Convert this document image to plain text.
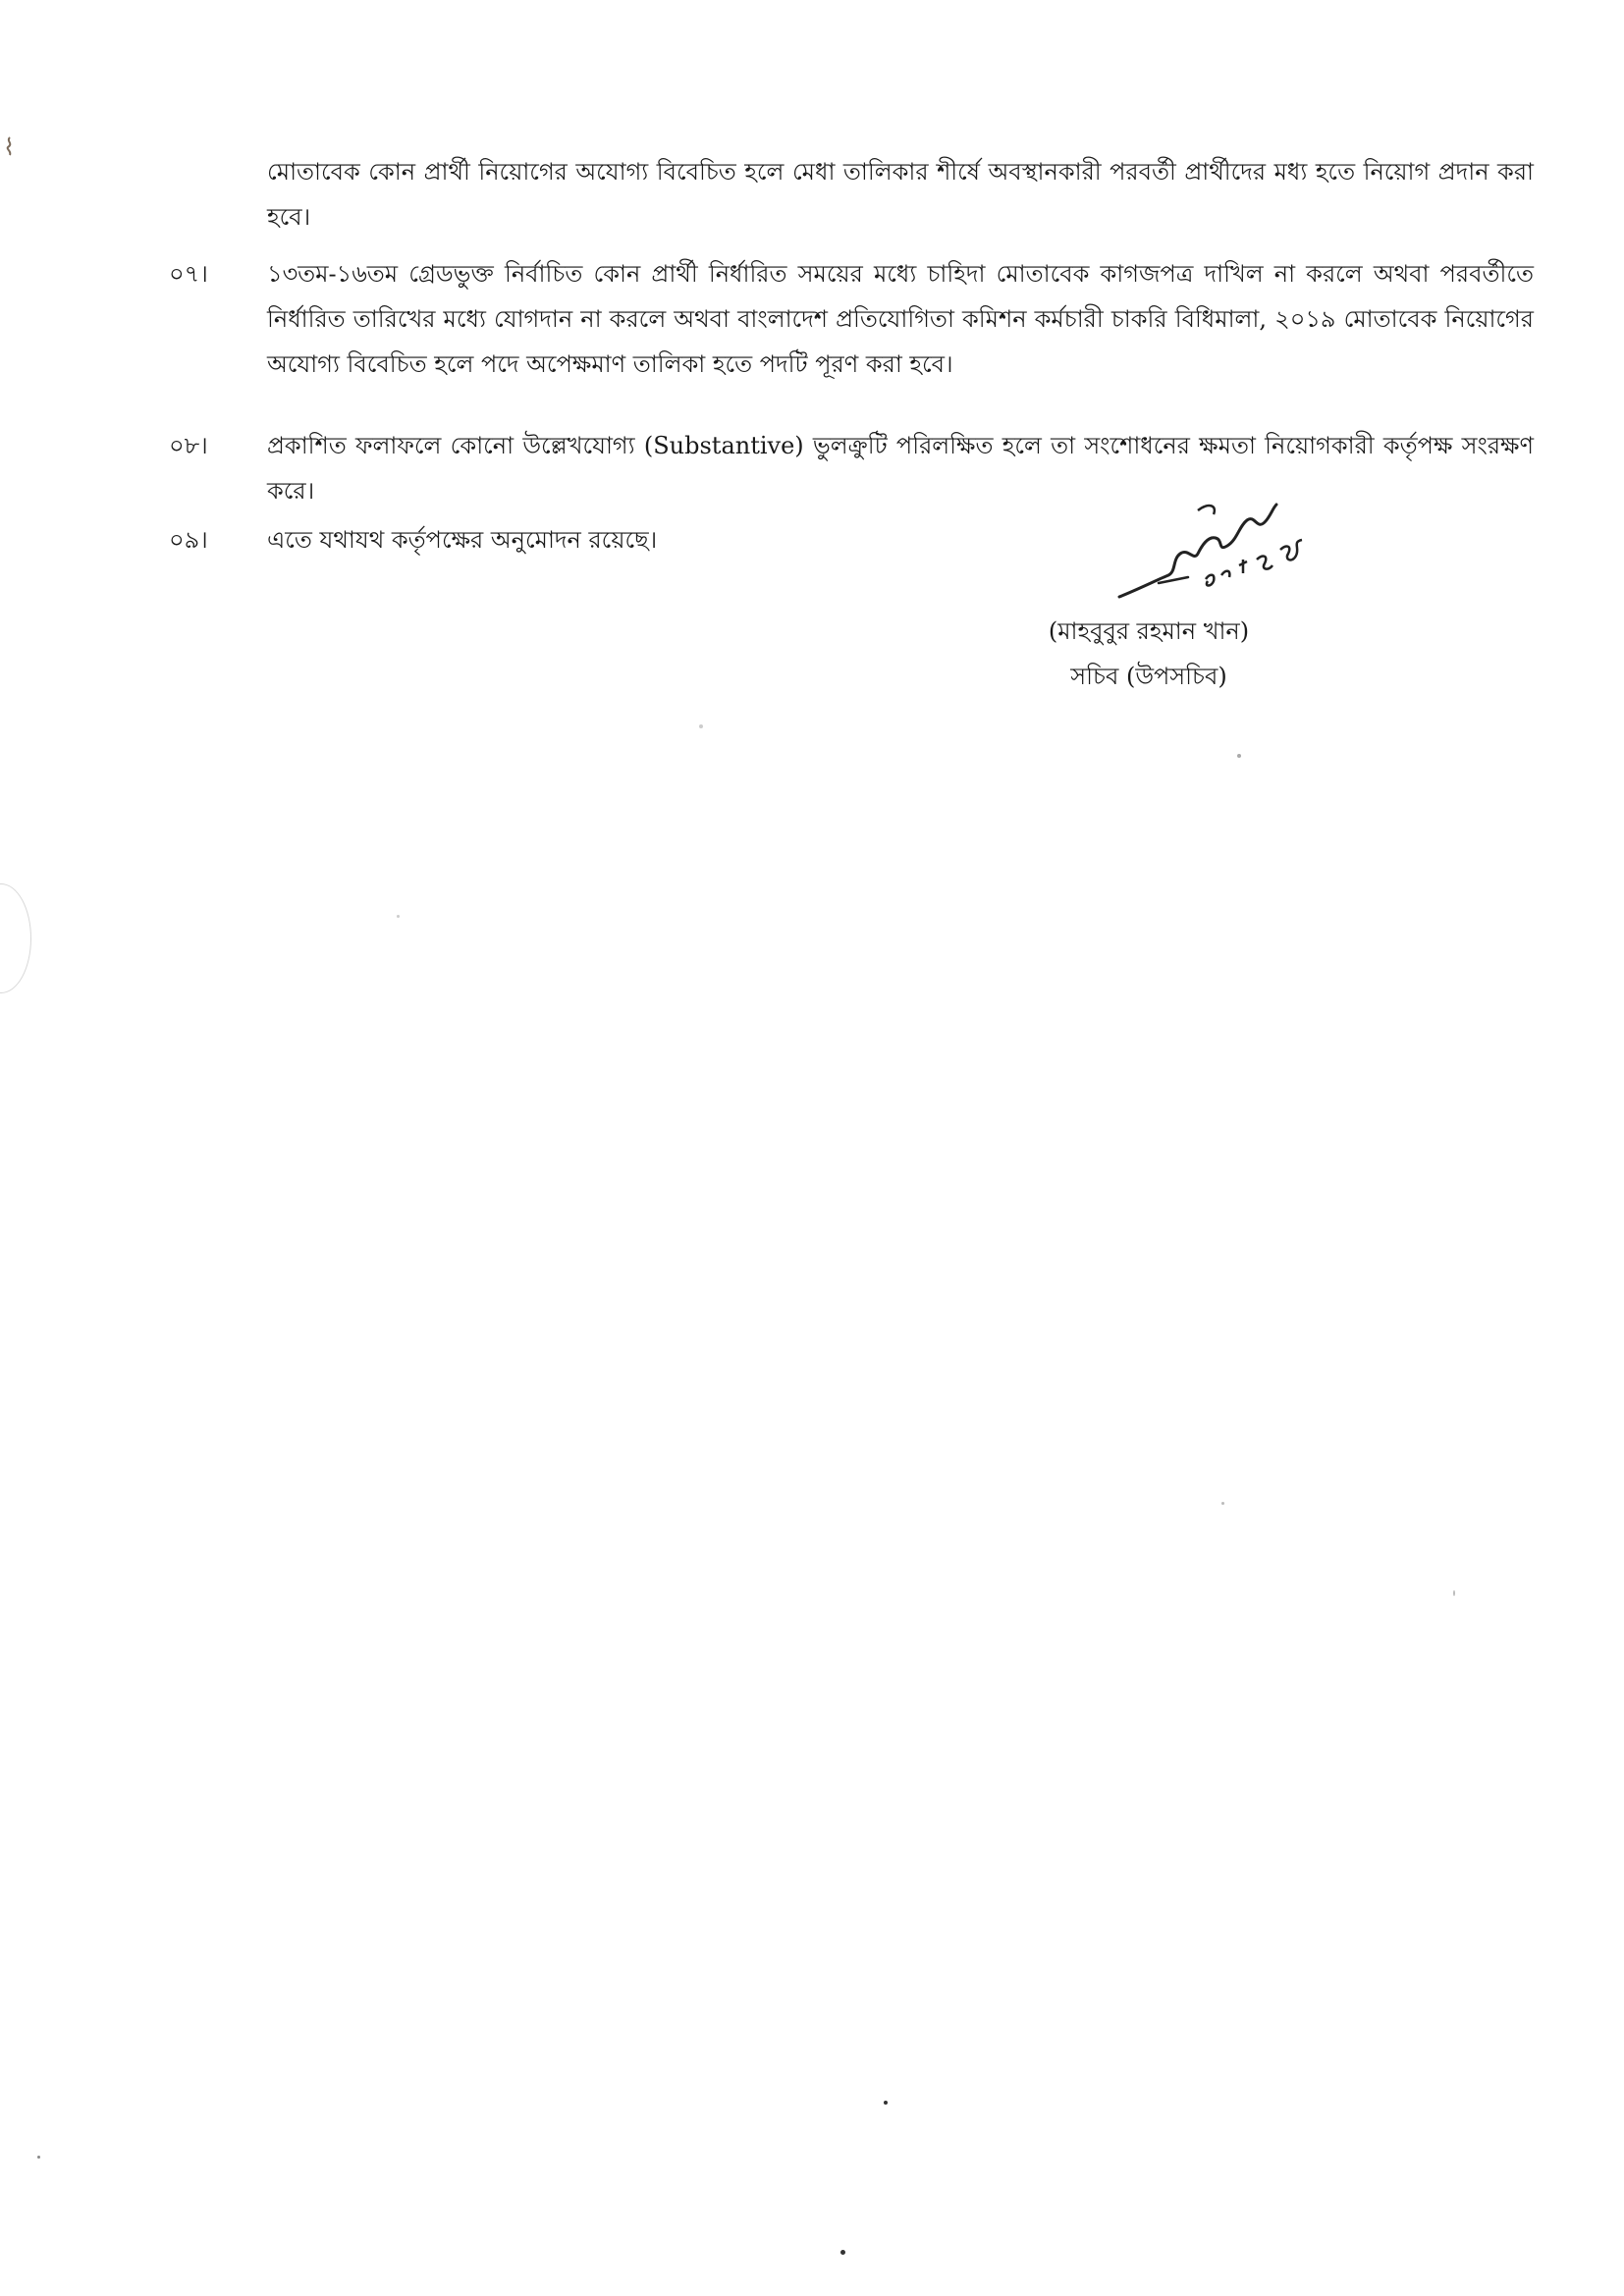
মোতাবেক কোন প্রার্থী নিয়োগের অযোগ্য বিবেচিত হলে মেধা তালিকার শীর্ষে অবস্থানকারী পরবর্তী প্রার্থীদের মধ্য হতে নিয়োগ প্রদান করা হবে।
০৭।	১৩তম-১৬তম গ্রেডভুক্ত নির্বাচিত কোন প্রার্থী নির্ধারিত সময়ের মধ্যে চাহিদা মোতাবেক কাগজপত্র দাখিল না করলে অথবা পরবর্তীতে নির্ধারিত তারিখের মধ্যে যোগদান না করলে অথবা বাংলাদেশ প্রতিযোগিতা কমিশন কর্মচারী চাকরি বিধিমালা, ২০১৯ মোতাবেক নিয়োগের অযোগ্য বিবেচিত হলে পদে অপেক্ষমাণ তালিকা হতে পদটি পূরণ করা হবে।
০৮।	প্রকাশিত ফলাফলে কোনো উল্লেখযোগ্য (Substantive) ভুলক্রুটি পরিলক্ষিত হলে তা সংশোধনের ক্ষমতা নিয়োগকারী কর্তৃপক্ষ সংরক্ষণ করে।
০৯।	এতে যথাযথ কর্তৃপক্ষের অনুমোদন রয়েছে।
(মাহবুবুর রহমান খান)
সচিব (উপসচিব)
